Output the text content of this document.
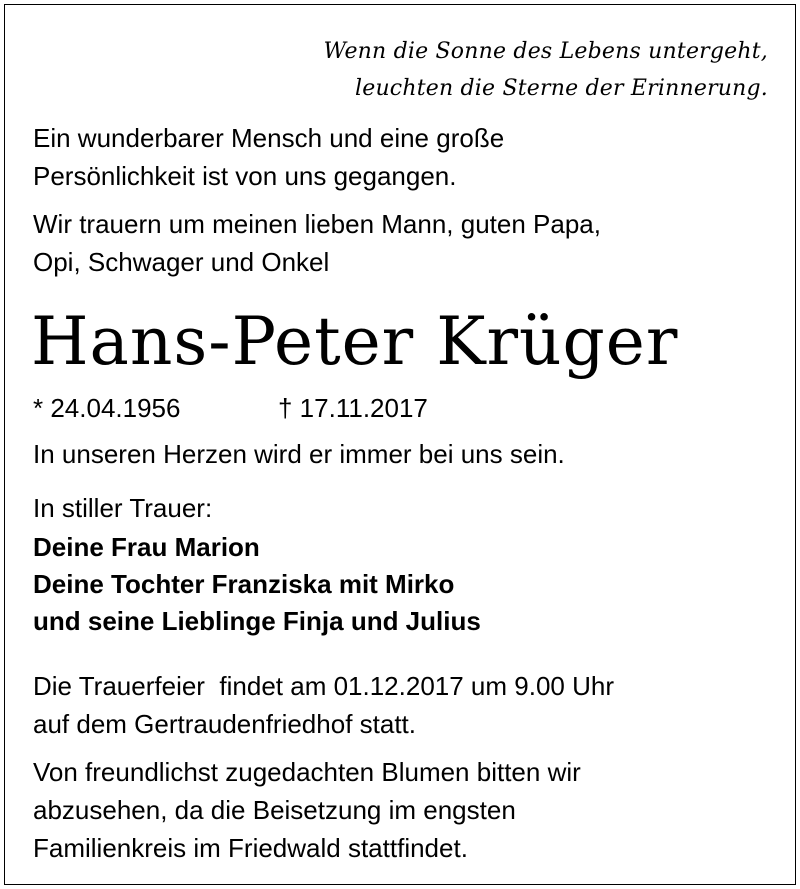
Wenn die Sonne des Lebens untergeht,
leuchten die Sterne der Erinnerung.
Ein wunderbarer Mensch und eine große
Persönlichkeit ist von uns gegangen.
Wir trauern um meinen lieben Mann, guten Papa,
Opi, Schwager und Onkel
Hans-Peter Krüger
* 24.04.1956	† 17.11.2017
In unseren Herzen wird er immer bei uns sein.
In stiller Trauer:
Deine Frau Marion
Deine Tochter Franziska mit Mirko
und seine Lieblinge Finja und Julius
Die Trauerfeier  findet am 01.12.2017 um 9.00 Uhr
auf dem Gertraudenfriedhof statt.
Von freundlichst zugedachten Blumen bitten wir
abzusehen, da die Beisetzung im engsten
Familienkreis im Friedwald stattfindet.
